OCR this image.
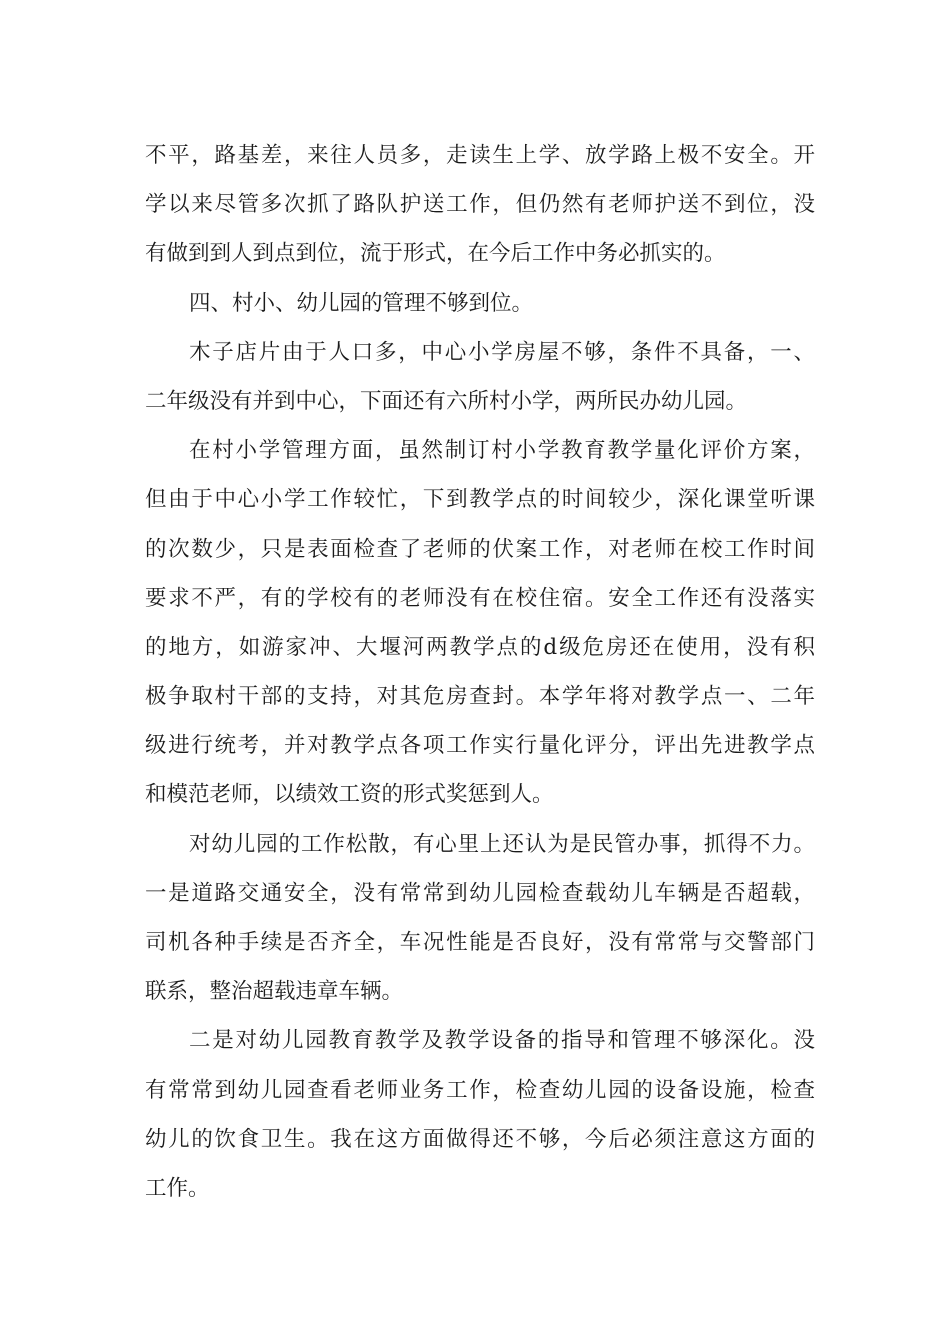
不平，路基差，来往人员多，走读生上学、放学路上极不安全。开
学以来尽管多次抓了路队护送工作，但仍然有老师护送不到位，没
有做到到人到点到位，流于形式，在今后工作中务必抓实的。
四、村小、幼儿园的管理不够到位。
木子店片由于人口多，中心小学房屋不够，条件不具备，一、
二年级没有并到中心，下面还有六所村小学，两所民办幼儿园。
在村小学管理方面，虽然制订村小学教育教学量化评价方案，
但由于中心小学工作较忙，下到教学点的时间较少，深化课堂听课
的次数少，只是表面检查了老师的伏案工作，对老师在校工作时间
要求不严，有的学校有的老师没有在校住宿。安全工作还有没落实
的地方，如游家冲、大堰河两教学点的d级危房还在使用，没有积
极争取村干部的支持，对其危房查封。本学年将对教学点一、二年
级进行统考，并对教学点各项工作实行量化评分，评出先进教学点
和模范老师，以绩效工资的形式奖惩到人。
对幼儿园的工作松散，有心里上还认为是民管办事，抓得不力。
一是道路交通安全，没有常常到幼儿园检查载幼儿车辆是否超载，
司机各种手续是否齐全，车况性能是否良好，没有常常与交警部门
联系，整治超载违章车辆。
二是对幼儿园教育教学及教学设备的指导和管理不够深化。没
有常常到幼儿园查看老师业务工作，检查幼儿园的设备设施，检查
幼儿的饮食卫生。我在这方面做得还不够，今后必须注意这方面的
工作。
